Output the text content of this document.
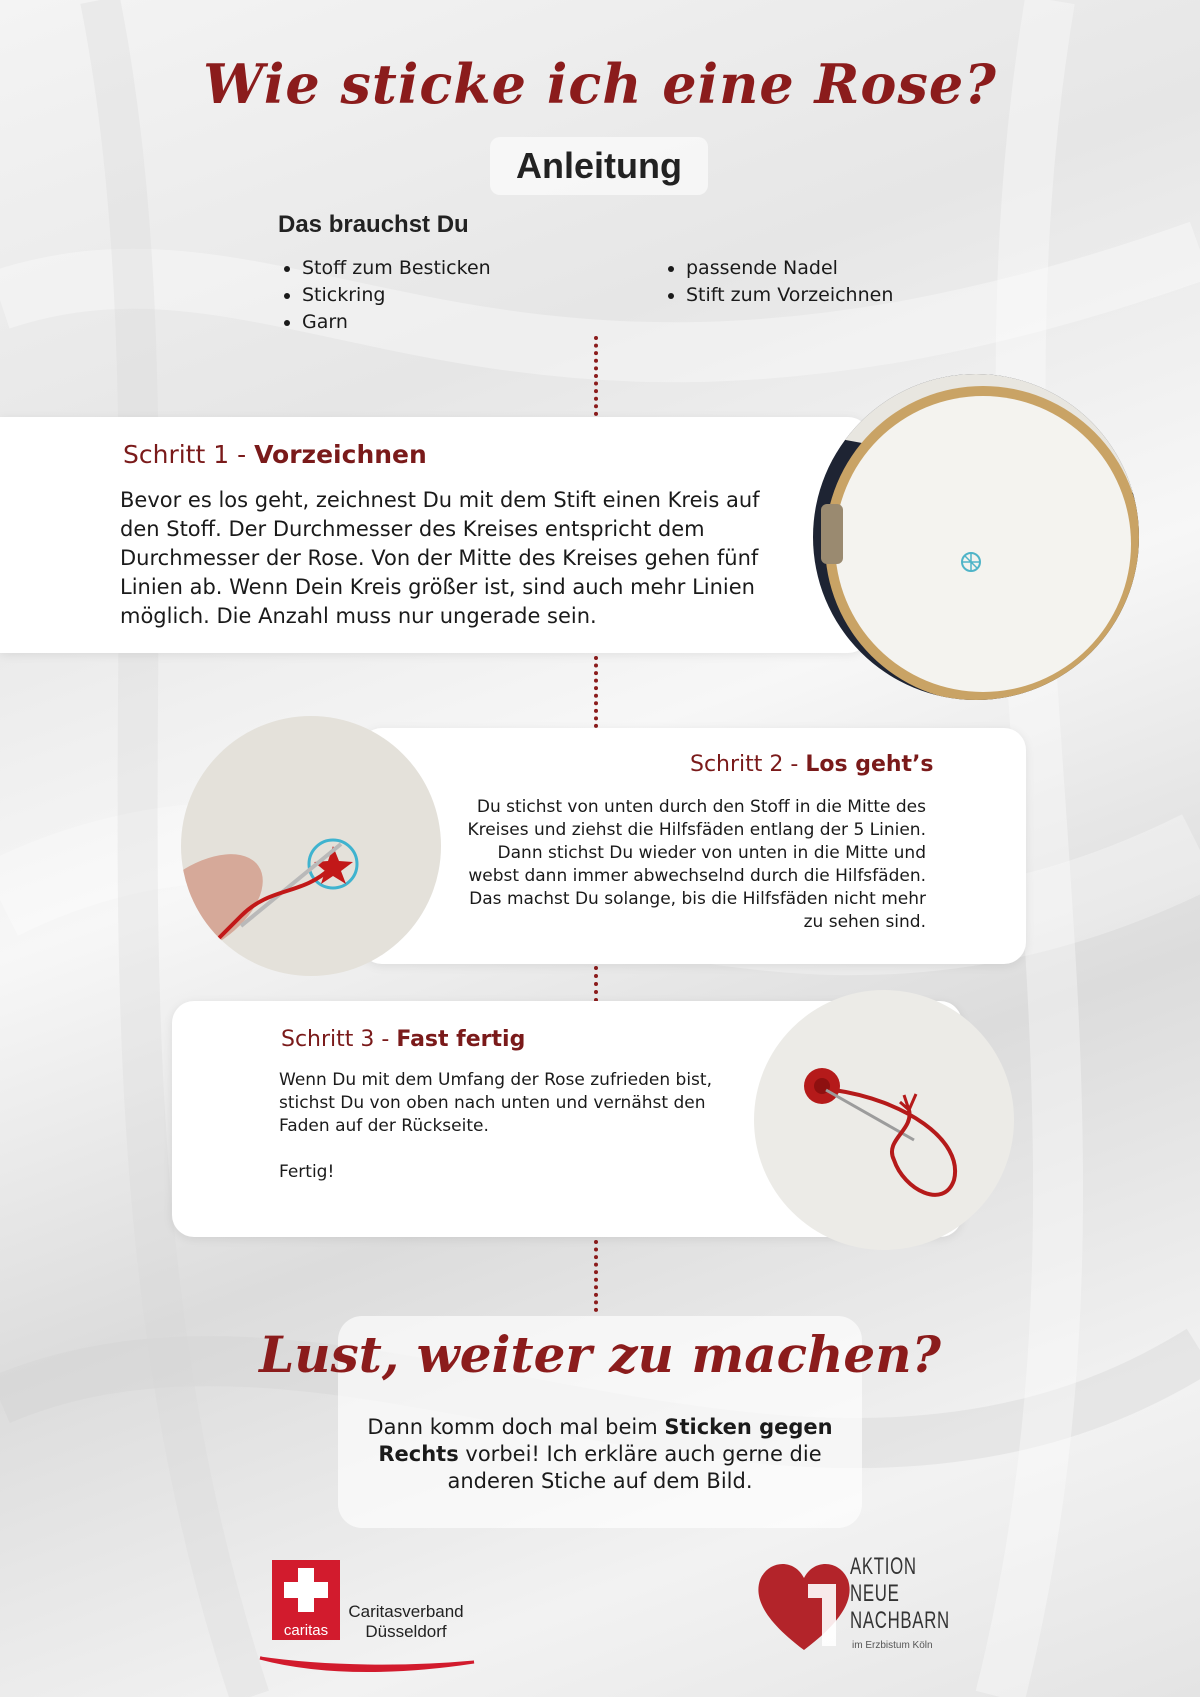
Wie sticke ich eine Rose?
Anleitung
Das brauchst Du
• Stoff zum Besticken
• Stickring
• Garn
• passende Nadel
• Stift zum Vorzeichnen
Schritt 1 - Vorzeichnen

Bevor es los geht, zeichnest Du mit dem Stift einen Kreis auf den Stoff. Der Durchmesser des Kreises entspricht dem Durchmesser der Rose. Von der Mitte des Kreises gehen fünf Linien ab. Wenn Dein Kreis größer ist, sind auch mehr Linien möglich. Die Anzahl muss nur ungerade sein.

Schritt 2 - Los geht’s

Du stichst von unten durch den Stoff in die Mitte des Kreises und ziehst die Hilfsfäden entlang der 5 Linien. Dann stichst Du wieder von unten in die Mitte und webst dann immer abwechselnd durch die Hilfsfäden. Das machst Du solange, bis die Hilfsfäden nicht mehr zu sehen sind.

Schritt 3 - Fast fertig

Wenn Du mit dem Umfang der Rose zufrieden bist, stichst Du von oben nach unten und vernähst den Faden auf der Rückseite.

Fertig!

Lust, weiter zu machen?

Dann komm doch mal beim Sticken gegen Rechts vorbei! Ich erkläre auch gerne die anderen Stiche auf dem Bild.

caritas
Caritasverband
Düsseldorf
AKTION
NEUE
NACHBARN
im Erzbistum Köln
